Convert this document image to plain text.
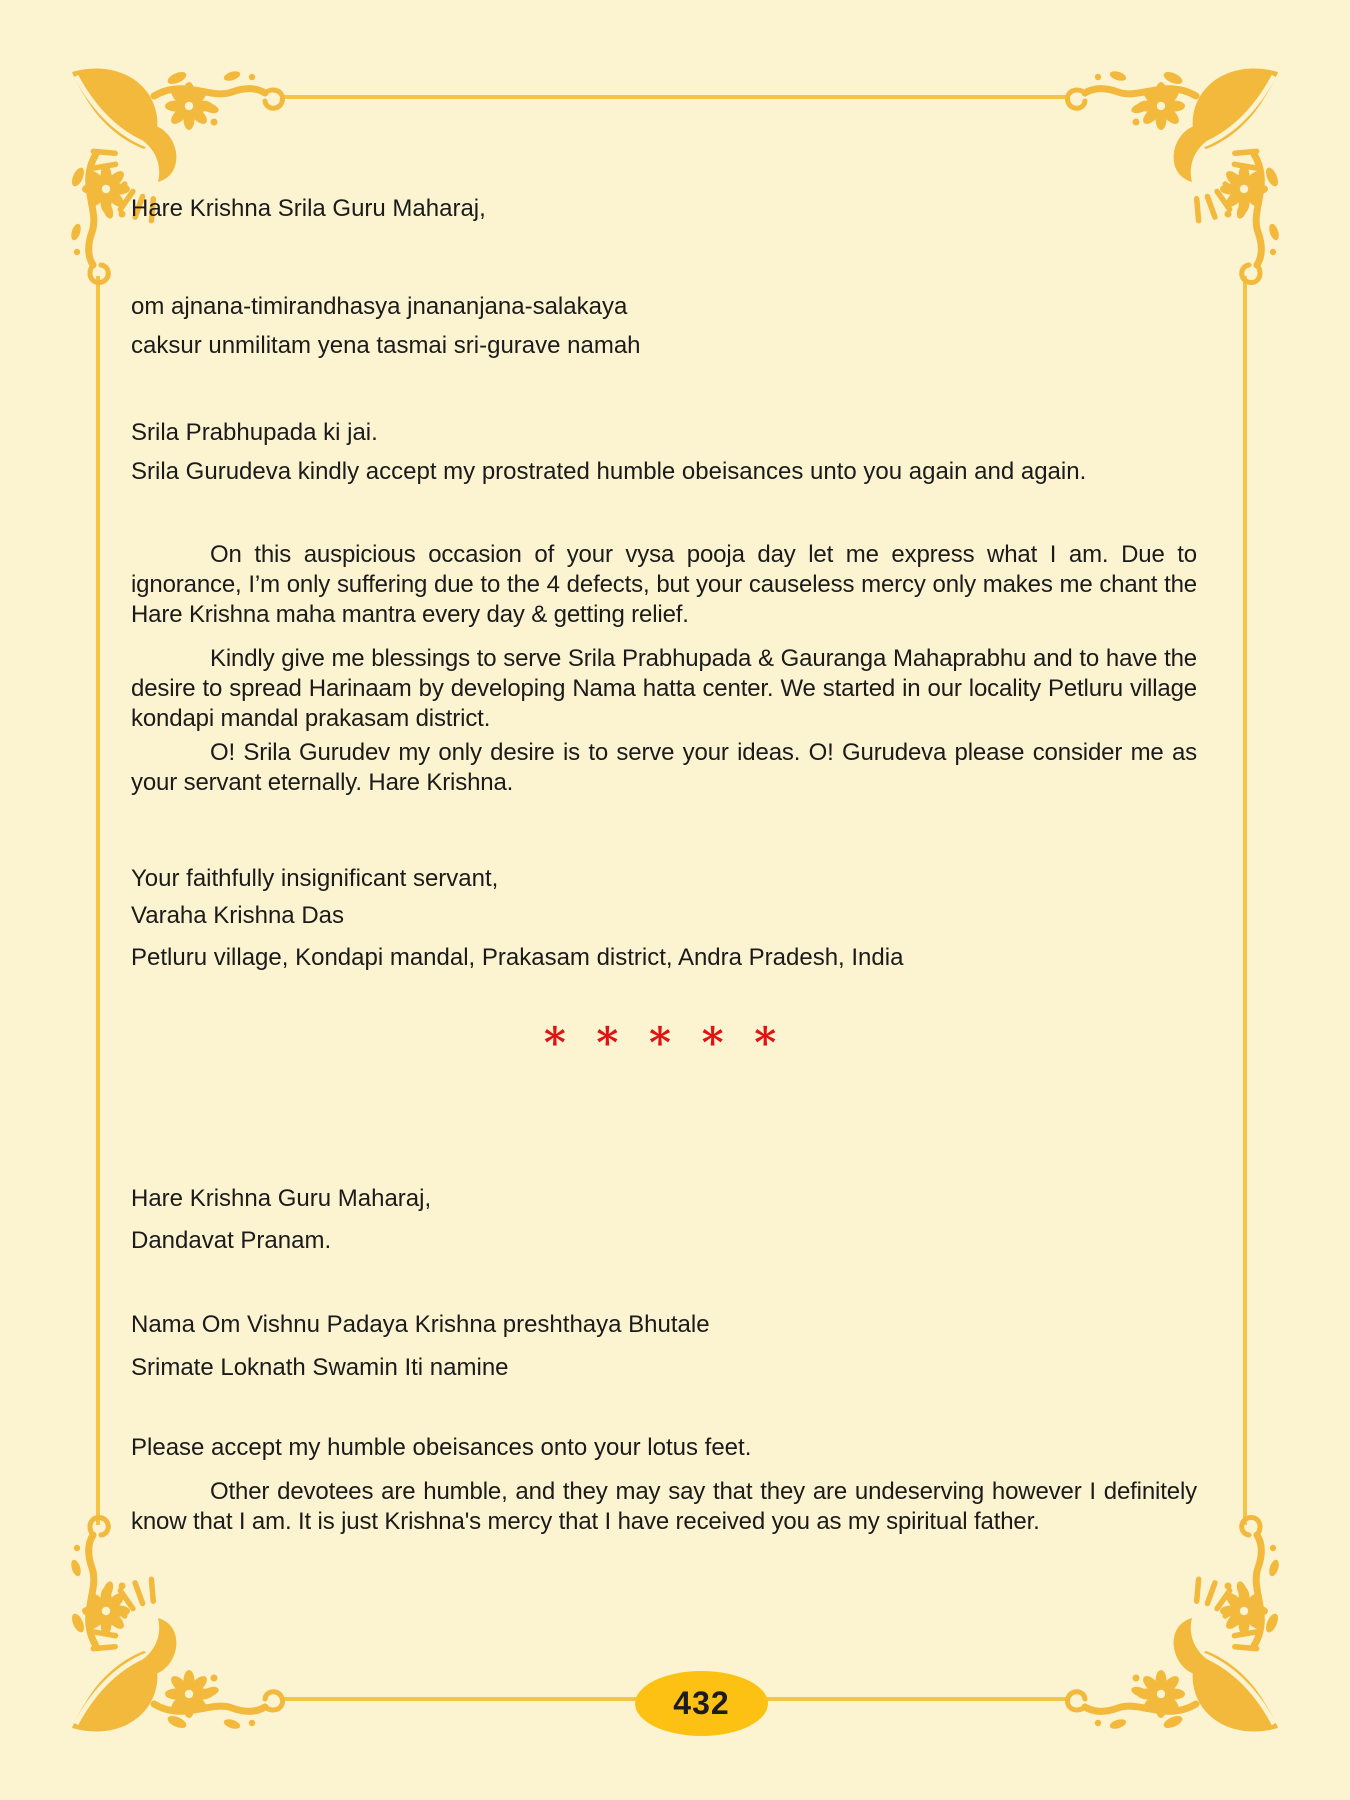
Hare Krishna Srila Guru Maharaj,

om ajnana-timirandhasya jnananjana-salakaya

caksur unmilitam yena tasmai sri-gurave namah

Srila Prabhupada ki jai.

Srila Gurudeva kindly accept my prostrated humble obeisances unto you again and again.

On this auspicious occasion of your vysa pooja day let me express what I am. Due to ignorance, I’m only suffering due to the 4 defects, but your causeless mercy only makes me chant the Hare Krishna maha mantra every day & getting relief.

Kindly give me blessings to serve Srila Prabhupada & Gauranga Mahaprabhu and to have the desire to spread Harinaam by developing Nama hatta center. We started in our locality Petluru village kondapi mandal prakasam district.

O! Srila Gurudev my only desire is to serve your ideas. O! Gurudeva please consider me as your servant eternally. Hare Krishna.

Your faithfully insignificant servant,

Varaha Krishna Das

Petluru village, Kondapi mandal, Prakasam district, Andra Pradesh, India

* * * * *

Hare Krishna Guru Maharaj,

Dandavat Pranam.

Nama Om Vishnu Padaya Krishna preshthaya Bhutale

Srimate Loknath Swamin Iti namine

Please accept my humble obeisances onto your lotus feet.

Other devotees are humble, and they may say that they are undeserving however I definitely know that I am. It is just Krishna's mercy that I have received you as my spiritual father.

432
